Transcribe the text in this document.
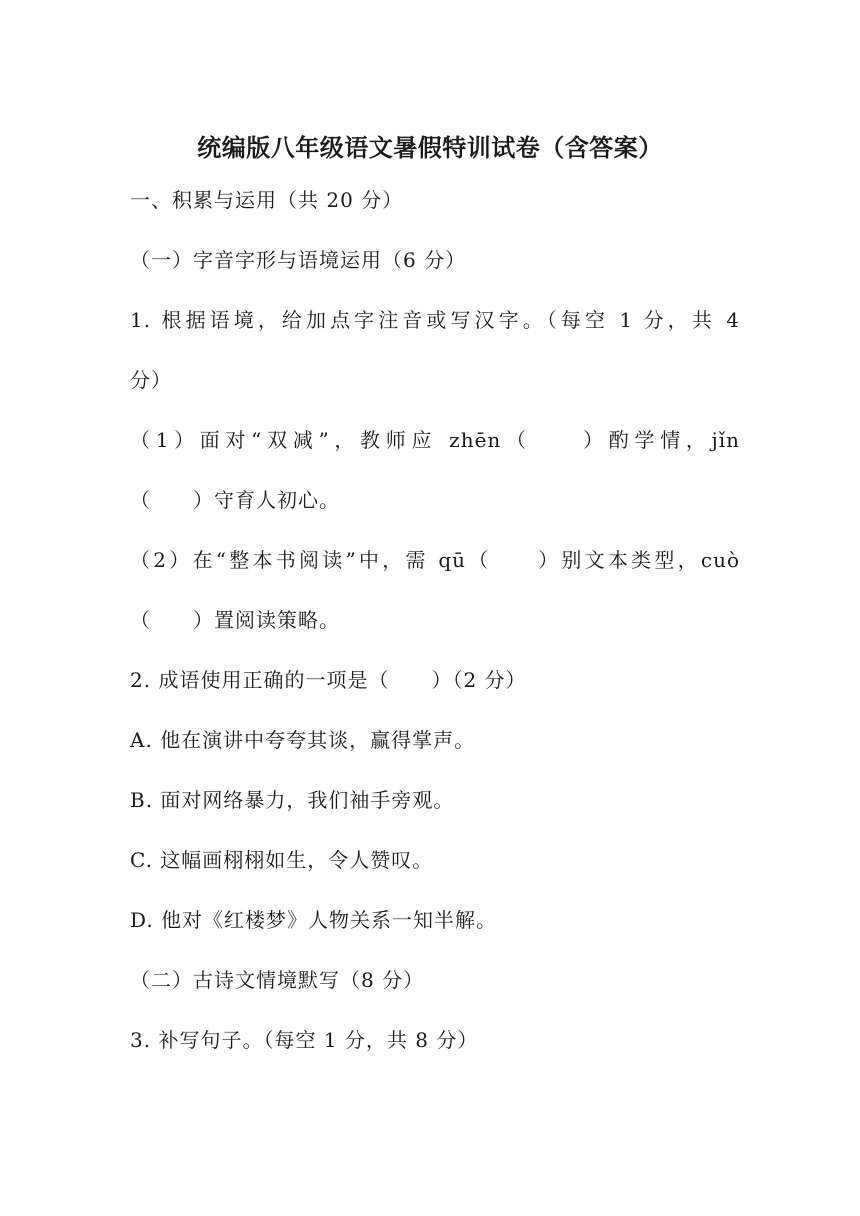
统编版八年级语文暑假特训试卷（含答案）
一、积累与运用（共 20 分）
（一）字音字形与语境运用（6 分）
1. 根据语境，给加点字注音或写汉字。（每空 1 分，共 4
分）
（1）面对“双减”，教师应 zhēn（　　）酌学情，jǐn
（　　）守育人初心。
（2）在“整本书阅读”中，需 qū（　　）别文本类型，cuò
（　　）置阅读策略。
2. 成语使用正确的一项是（　　）（2 分）
A. 他在演讲中夸夸其谈，赢得掌声。
B. 面对网络暴力，我们袖手旁观。
C. 这幅画栩栩如生，令人赞叹。
D. 他对《红楼梦》人物关系一知半解。
（二）古诗文情境默写（8 分）
3. 补写句子。（每空 1 分，共 8 分）
